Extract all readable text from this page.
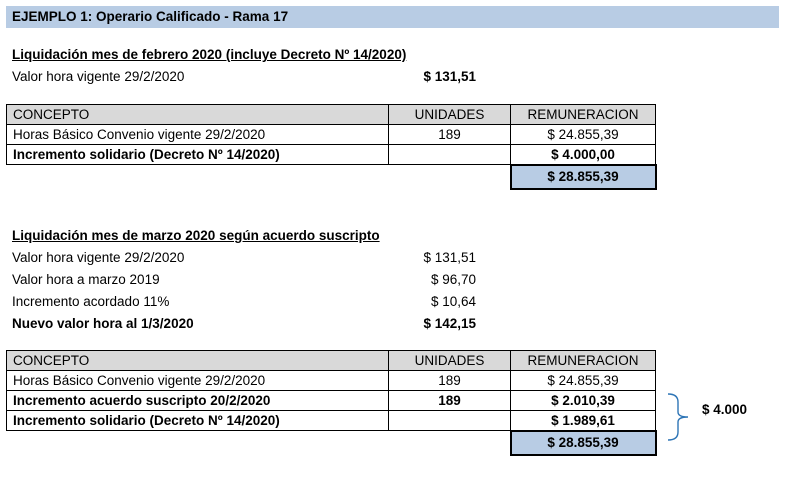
EJEMPLO 1: Operario Calificado - Rama 17
Liquidación mes de febrero 2020 (incluye Decreto Nº 14/2020)
Valor hora vigente 29/2/2020	$ 131,51
CONCEPTO	UNIDADES	REMUNERACION
Horas Básico Convenio vigente 29/2/2020	189	$ 24.855,39
Incremento solidario (Decreto Nº 14/2020)		$ 4.000,00
		$ 28.855,39
Liquidación mes de marzo 2020 según acuerdo suscripto
Valor hora vigente 29/2/2020	$ 131,51
Valor hora a marzo 2019	$ 96,70
Incremento acordado 11%	$ 10,64
Nuevo valor hora al 1/3/2020	$ 142,15
CONCEPTO	UNIDADES	REMUNERACION
Horas Básico Convenio vigente 29/2/2020	189	$ 24.855,39
Incremento acuerdo suscripto 20/2/2020	189	$ 2.010,39
Incremento solidario (Decreto Nº 14/2020)		$ 1.989,61
		$ 28.855,39
$ 4.000
